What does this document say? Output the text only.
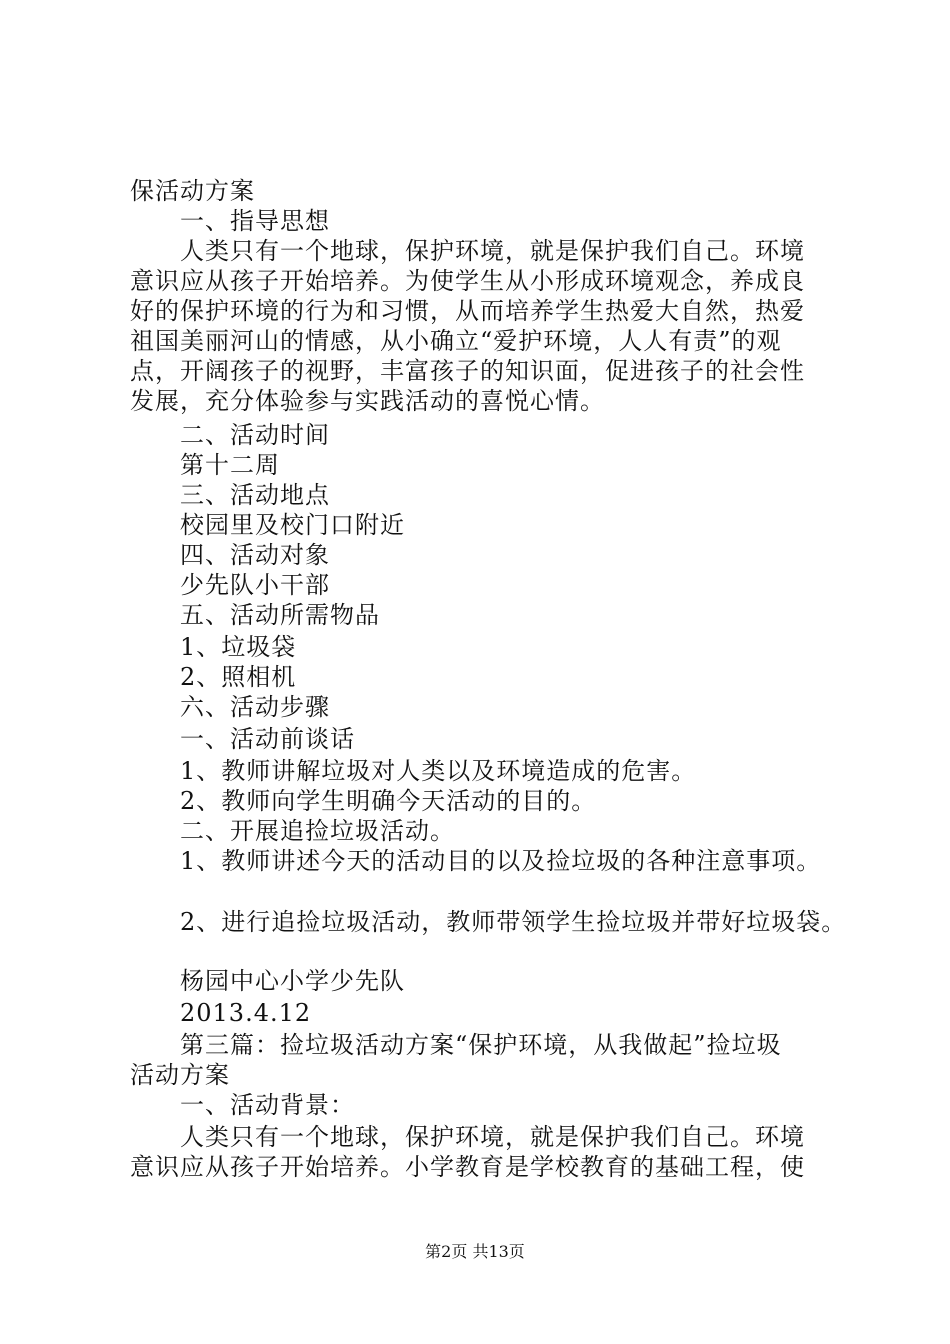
保活动方案
一、指导思想
人类只有一个地球，保护环境，就是保护我们自己。环境
意识应从孩子开始培养。为使学生从小形成环境观念，养成良
好的保护环境的行为和习惯，从而培养学生热爱大自然，热爱
祖国美丽河山的情感，从小确立“爱护环境，人人有责”的观
点，开阔孩子的视野，丰富孩子的知识面，促进孩子的社会性
发展，充分体验参与实践活动的喜悦心情。
二、活动时间
第十二周
三、活动地点
校园里及校门口附近
四、活动对象
少先队小干部
五、活动所需物品
1、垃圾袋
2、照相机
六、活动步骤
一、活动前谈话
1、教师讲解垃圾对人类以及环境造成的危害。
2、教师向学生明确今天活动的目的。
二、开展追捡垃圾活动。
1、教师讲述今天的活动目的以及捡垃圾的各种注意事项。
2、进行追捡垃圾活动，教师带领学生捡垃圾并带好垃圾袋。
杨园中心小学少先队
2013.4.12
第三篇：捡垃圾活动方案“保护环境，从我做起”捡垃圾
活动方案
一、活动背景：
人类只有一个地球，保护环境，就是保护我们自己。环境
意识应从孩子开始培养。小学教育是学校教育的基础工程，使
第2页 共13页
